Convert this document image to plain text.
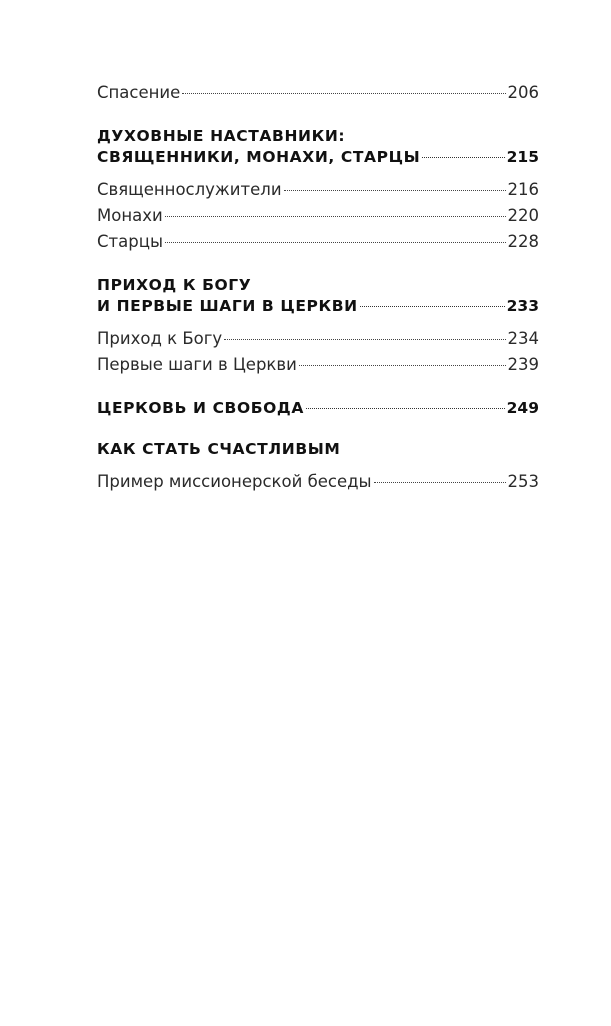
Спасение	206
ДУХОВНЫЕ НАСТАВНИКИ:
СВЯЩЕННИКИ, МОНАХИ, СТАРЦЫ	215
Священнослужители	216
Монахи	220
Старцы	228
ПРИХОД К БОГУ
И ПЕРВЫЕ ШАГИ В ЦЕРКВИ	233
Приход к Богу	234
Первые шаги в Церкви	239
ЦЕРКОВЬ И СВОБОДА	249
КАК СТАТЬ СЧАСТЛИВЫМ
Пример миссионерской беседы	253
